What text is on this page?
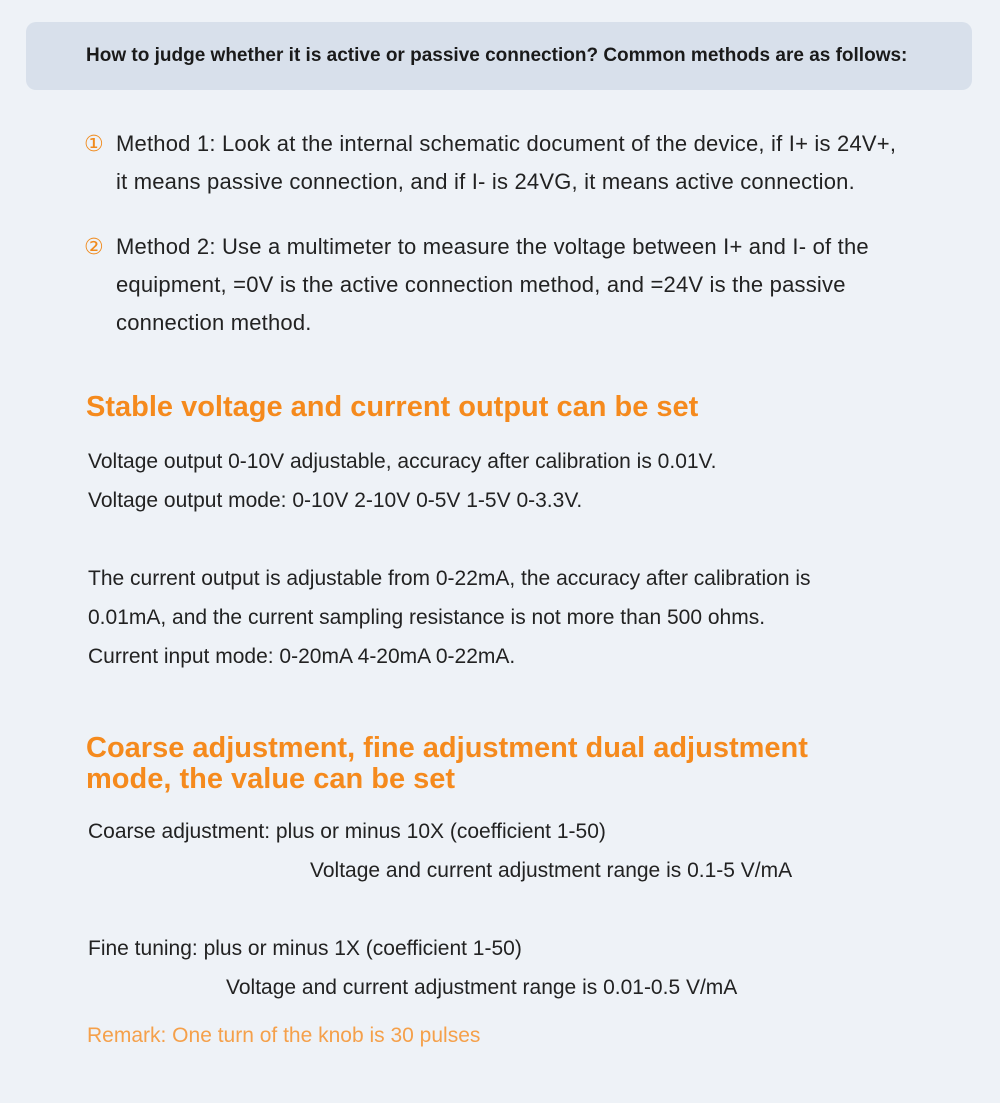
How to judge whether it is active or passive connection? Common methods are as follows:
① Method 1: Look at the internal schematic document of the device, if I+ is 24V+,
it means passive connection, and if I- is 24VG, it means active connection.
② Method 2: Use a multimeter to measure the voltage between I+ and I- of the
equipment, =0V is the active connection method, and =24V is the passive
connection method.
Stable voltage and current output can be set
Voltage output 0-10V adjustable, accuracy after calibration is 0.01V.
Voltage output mode: 0-10V 2-10V 0-5V 1-5V 0-3.3V.
The current output is adjustable from 0-22mA, the accuracy after calibration is
0.01mA, and the current sampling resistance is not more than 500 ohms.
Current input mode: 0-20mA 4-20mA 0-22mA.
Coarse adjustment, fine adjustment dual adjustment
mode, the value can be set
Coarse adjustment: plus or minus 10X (coefficient 1-50)
Voltage and current adjustment range is 0.1-5 V/mA
Fine tuning: plus or minus 1X (coefficient 1-50)
Voltage and current adjustment range is 0.01-0.5 V/mA
Remark: One turn of the knob is 30 pulses
